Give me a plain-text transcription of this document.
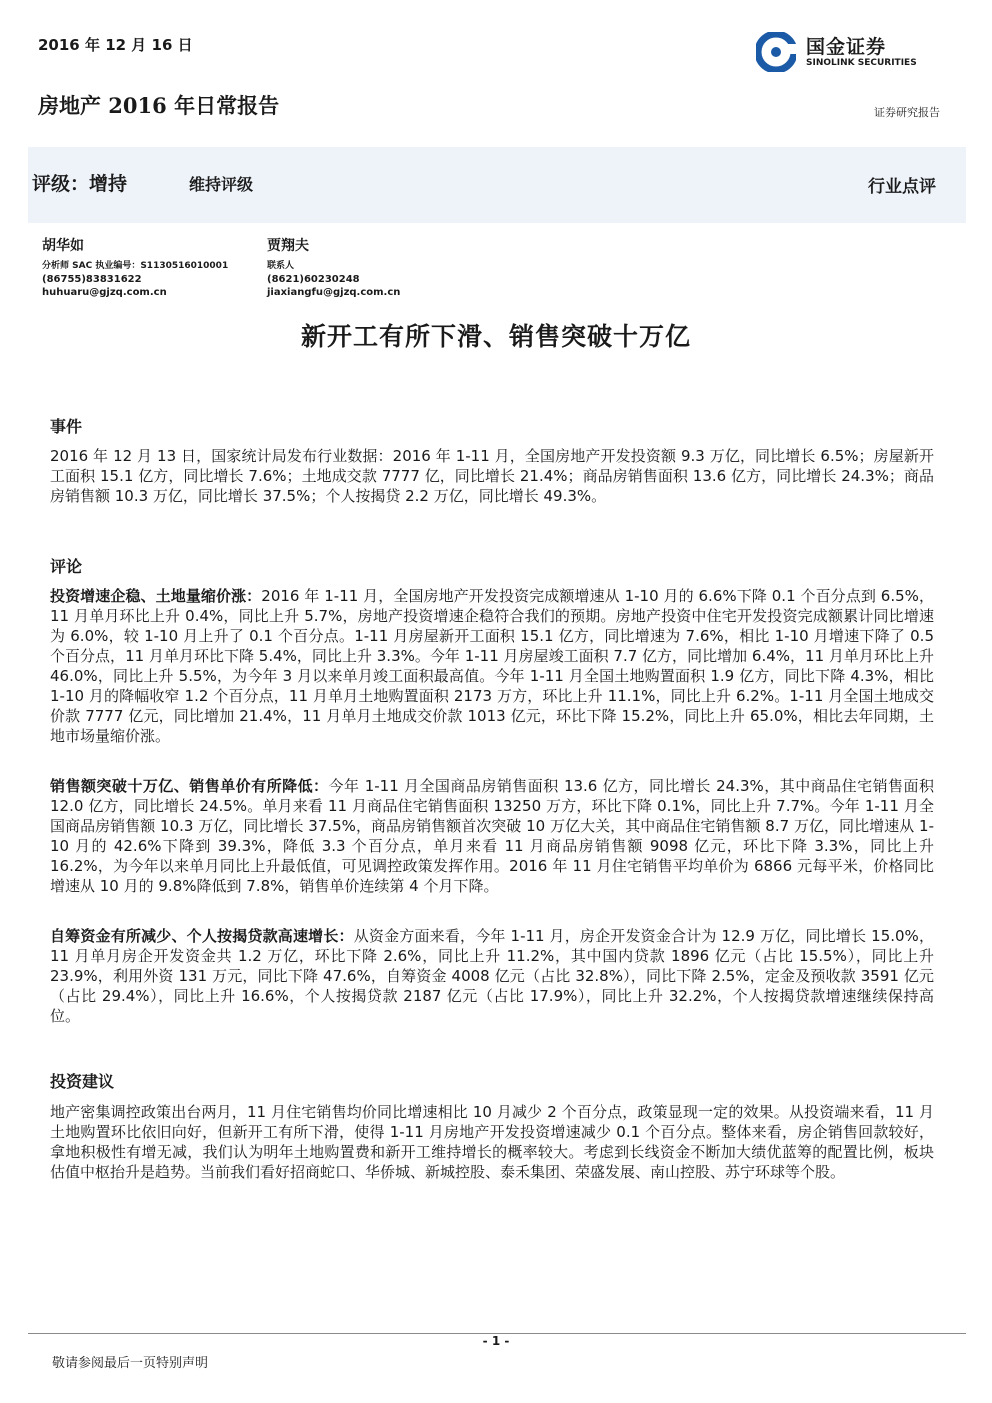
2016 年 12 月 16 日	国金证券
SINOLINK SECURITIES
房地产 2016 年日常报告	证券研究报告
评级：增持	维持评级	行业点评
胡华如
分析师 SAC 执业编号：S1130516010001
(86755)83831622
huhuaru@gjzq.com.cn
贾翔夫
联系人
(8621)60230248
jiaxiangfu@gjzq.com.cn
新开工有所下滑、销售突破十万亿
事件
2016 年 12 月 13 日，国家统计局发布行业数据：2016 年 1-11 月，全国房地产开发投资额 9.3 万亿，同比增长 6.5%；房屋新开工面积 15.1 亿方，同比增长 7.6%；土地成交款 7777 亿，同比增长 21.4%；商品房销售面积 13.6 亿方，同比增长 24.3%；商品房销售额 10.3 万亿，同比增长 37.5%；个人按揭贷 2.2 万亿，同比增长 49.3%。
评论
投资增速企稳、土地量缩价涨：2016 年 1-11 月，全国房地产开发投资完成额增速从 1-10 月的 6.6%下降 0.1 个百分点到 6.5%，11 月单月环比上升 0.4%，同比上升 5.7%，房地产投资增速企稳符合我们的预期。房地产投资中住宅开发投资完成额累计同比增速为 6.0%，较 1-10 月上升了 0.1 个百分点。1-11 月房屋新开工面积 15.1 亿方，同比增速为 7.6%，相比 1-10 月增速下降了 0.5 个百分点，11 月单月环比下降 5.4%，同比上升 3.3%。今年 1-11 月房屋竣工面积 7.7 亿方，同比增加 6.4%，11 月单月环比上升 46.0%，同比上升 5.5%，为今年 3 月以来单月竣工面积最高值。今年 1-11 月全国土地购置面积 1.9 亿方，同比下降 4.3%，相比 1-10 月的降幅收窄 1.2 个百分点，11 月单月土地购置面积 2173 万方，环比上升 11.1%，同比上升 6.2%。1-11 月全国土地成交价款 7777 亿元，同比增加 21.4%，11 月单月土地成交价款 1013 亿元，环比下降 15.2%，同比上升 65.0%，相比去年同期，土地市场量缩价涨。
销售额突破十万亿、销售单价有所降低：今年 1-11 月全国商品房销售面积 13.6 亿方，同比增长 24.3%，其中商品住宅销售面积 12.0 亿方，同比增长 24.5%。单月来看 11 月商品住宅销售面积 13250 万方，环比下降 0.1%，同比上升 7.7%。今年 1-11 月全国商品房销售额 10.3 万亿，同比增长 37.5%，商品房销售额首次突破 10 万亿大关，其中商品住宅销售额 8.7 万亿，同比增速从 1-10 月的 42.6%下降到 39.3%，降低 3.3 个百分点，单月来看 11 月商品房销售额 9098 亿元，环比下降 3.3%，同比上升 16.2%，为今年以来单月同比上升最低值，可见调控政策发挥作用。2016 年 11 月住宅销售平均单价为 6866 元每平米，价格同比增速从 10 月的 9.8%降低到 7.8%，销售单价连续第 4 个月下降。
自筹资金有所减少、个人按揭贷款高速增长：从资金方面来看，今年 1-11 月，房企开发资金合计为 12.9 万亿，同比增长 15.0%，11 月单月房企开发资金共 1.2 万亿，环比下降 2.6%，同比上升 11.2%，其中国内贷款 1896 亿元（占比 15.5%），同比上升 23.9%，利用外资 131 万元，同比下降 47.6%，自筹资金 4008 亿元（占比 32.8%），同比下降 2.5%，定金及预收款 3591 亿元（占比 29.4%），同比上升 16.6%，个人按揭贷款 2187 亿元（占比 17.9%），同比上升 32.2%，个人按揭贷款增速继续保持高位。
投资建议
地产密集调控政策出台两月，11 月住宅销售均价同比增速相比 10 月减少 2 个百分点，政策显现一定的效果。从投资端来看，11 月土地购置环比依旧向好，但新开工有所下滑，使得 1-11 月房地产开发投资增速减少 0.1 个百分点。整体来看，房企销售回款较好，拿地积极性有增无减，我们认为明年土地购置费和新开工维持增长的概率较大。考虑到长线资金不断加大绩优蓝筹的配置比例，板块估值中枢抬升是趋势。当前我们看好招商蛇口、华侨城、新城控股、泰禾集团、荣盛发展、南山控股、苏宁环球等个股。
- 1 -
敬请参阅最后一页特别声明
